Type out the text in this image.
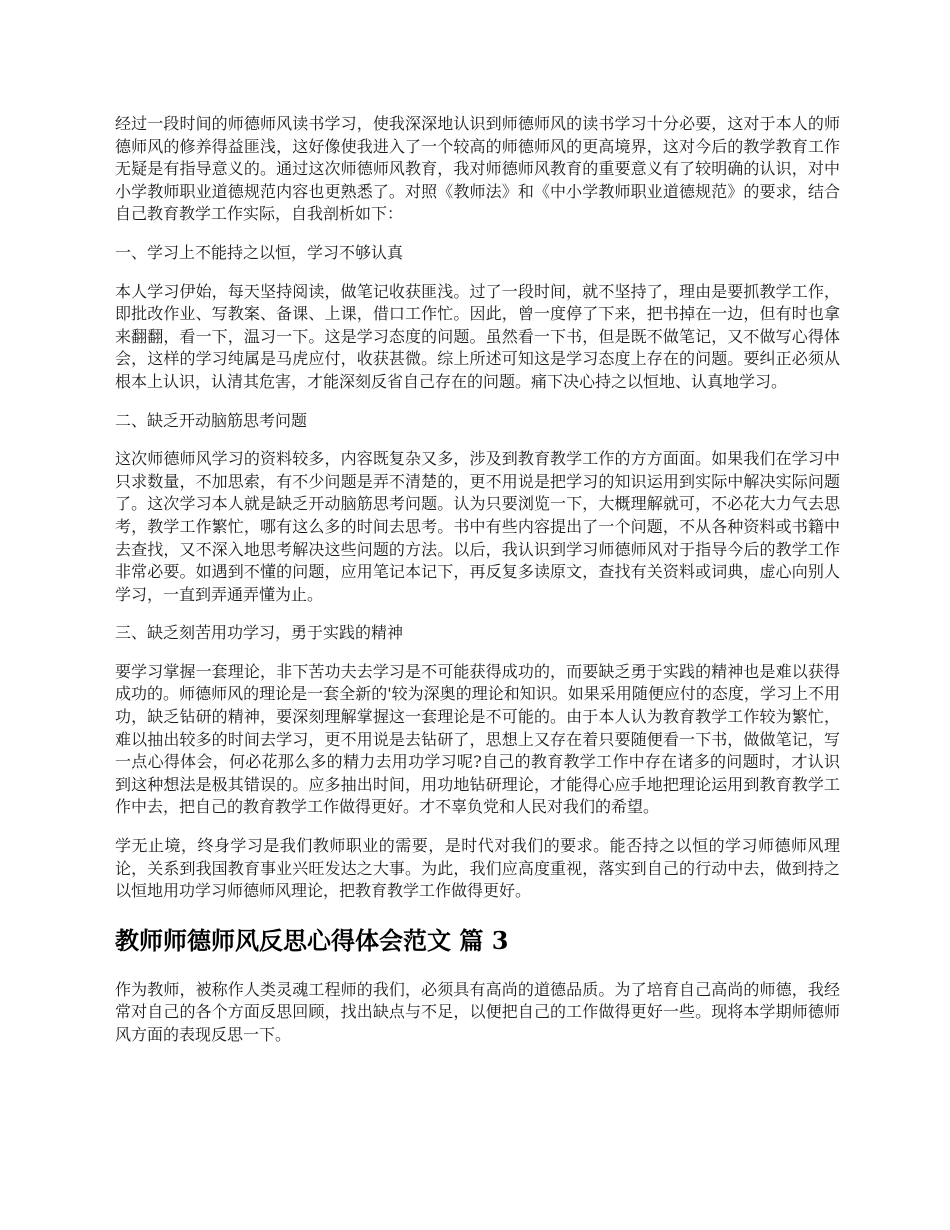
经过一段时间的师德师风读书学习，使我深深地认识到师德师风的读书学习十分必要，这对于本人的师德师风的修养得益匪浅，这好像使我进入了一个较高的师德师风的更高境界，这对今后的教学教育工作无疑是有指导意义的。通过这次师德师风教育，我对师德师风教育的重要意义有了较明确的认识，对中小学教师职业道德规范内容也更熟悉了。对照《教师法》和《中小学教师职业道德规范》的要求，结合自己教育教学工作实际，自我剖析如下：

一、学习上不能持之以恒，学习不够认真

本人学习伊始，每天坚持阅读，做笔记收获匪浅。过了一段时间，就不坚持了，理由是要抓教学工作，即批改作业、写教案、备课、上课，借口工作忙。因此，曾一度停了下来，把书掉在一边，但有时也拿来翻翻，看一下，温习一下。这是学习态度的问题。虽然看一下书，但是既不做笔记，又不做写心得体会，这样的学习纯属是马虎应付，收获甚微。综上所述可知这是学习态度上存在的问题。要纠正必须从根本上认识，认清其危害，才能深刻反省自己存在的问题。痛下决心持之以恒地、认真地学习。

二、缺乏开动脑筋思考问题

这次师德师风学习的资料较多，内容既复杂又多，涉及到教育教学工作的方方面面。如果我们在学习中只求数量，不加思索，有不少问题是弄不清楚的，更不用说是把学习的知识运用到实际中解决实际问题了。这次学习本人就是缺乏开动脑筋思考问题。认为只要浏览一下，大概理解就可，不必花大力气去思考，教学工作繁忙，哪有这么多的时间去思考。书中有些内容提出了一个问题，不从各种资料或书籍中去查找，又不深入地思考解决这些问题的方法。以后，我认识到学习师德师风对于指导今后的教学工作非常必要。如遇到不懂的问题，应用笔记本记下，再反复多读原文，查找有关资料或词典，虚心向别人学习，一直到弄通弄懂为止。

三、缺乏刻苦用功学习，勇于实践的精神

要学习掌握一套理论，非下苦功夫去学习是不可能获得成功的，而要缺乏勇于实践的精神也是难以获得成功的。师德师风的理论是一套全新的'较为深奥的理论和知识。如果采用随便应付的态度，学习上不用功，缺乏钻研的精神，要深刻理解掌握这一套理论是不可能的。由于本人认为教育教学工作较为繁忙，难以抽出较多的时间去学习，更不用说是去钻研了，思想上又存在着只要随便看一下书，做做笔记，写一点心得体会，何必花那么多的精力去用功学习呢?自己的教育教学工作中存在诸多的问题时，才认识到这种想法是极其错误的。应多抽出时间，用功地钻研理论，才能得心应手地把理论运用到教育教学工作中去，把自己的教育教学工作做得更好。才不辜负党和人民对我们的希望。

学无止境，终身学习是我们教师职业的需要，是时代对我们的要求。能否持之以恒的学习师德师风理论，关系到我国教育事业兴旺发达之大事。为此，我们应高度重视，落实到自己的行动中去，做到持之以恒地用功学习师德师风理论，把教育教学工作做得更好。

教师师德师风反思心得体会范文 篇 3

作为教师，被称作人类灵魂工程师的我们，必须具有高尚的道德品质。为了培育自己高尚的师德，我经常对自己的各个方面反思回顾，找出缺点与不足，以便把自己的工作做得更好一些。现将本学期师德师风方面的表现反思一下。
